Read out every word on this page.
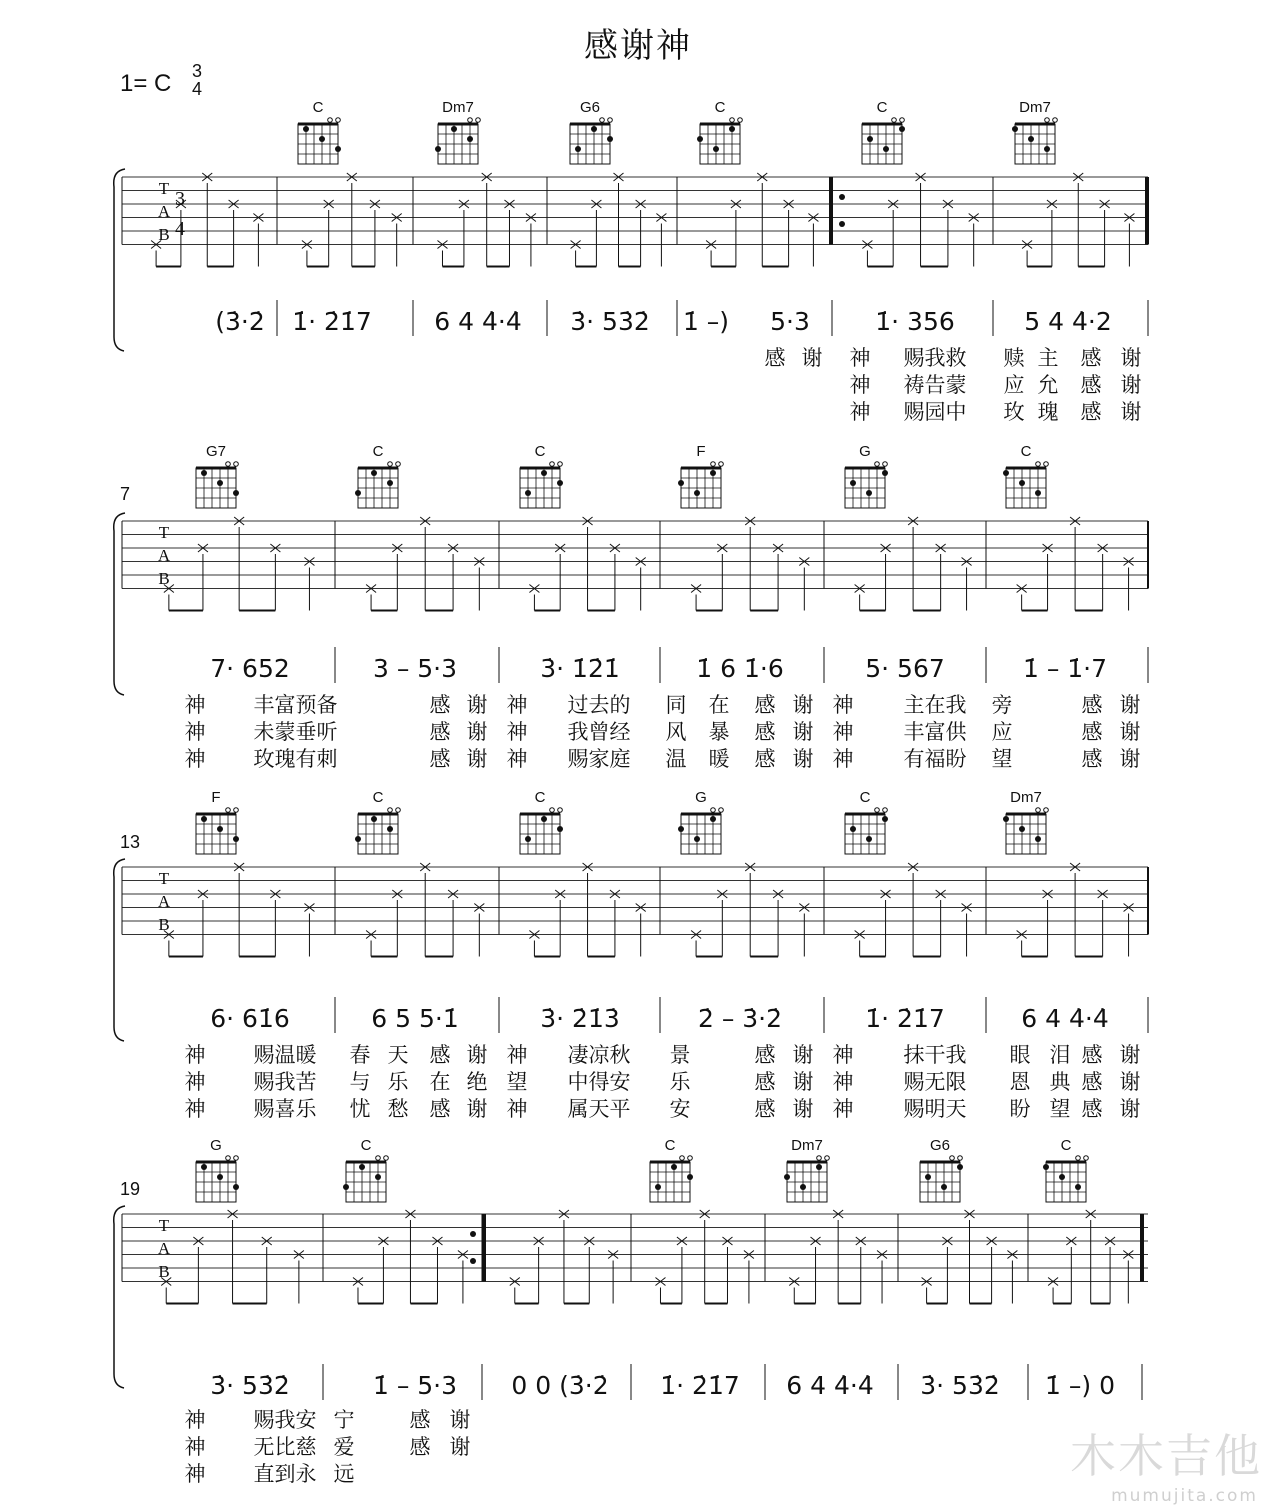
感谢神
1= C 3
4
C	Dm7	G6	C	C	Dm7
T
A
B
3
4
(3̇·2̇ 1̇· 2̇1̇7	6 4 4̇·4̇ 3̇· 53̇2̇ 1̇ –) 5·3	1̇· 356	5 4 4̇·2
感 谢 神 赐我救 赎 主 感 谢
神 祷告蒙 应 允 感 谢
神 赐园中 玫 瑰 感 谢
7
G7	C	C	F	G	C
T
A
B
7· 652	3 – 5·3	3̇· 1̇2̇1̇	1̇ 6 1̇·6	5· 567	1̇ – 1̇·7
神 丰富预 备	感 谢 神 过去的 同 在 感 谢 神 主在我 旁	感 谢
神 未蒙垂 听	感 谢 神 我曾经 风 暴 感 谢 神 丰富供 应	感 谢
神 玫瑰有 刺	感 谢 神 赐家庭 温 暖 感 谢 神 有福盼 望	感 谢
13
F	C	C	G	C	Dm7
T
A
B
6· 61̇6	6 5 5·1̇	3̇· 2̇1̇3̇	2̇ – 3̇·2̇	1̇· 2̇1̇7	6 4 4̇·4̇
神 赐温暖 春 天 感 谢 神 凄凉秋 景	感 谢 神 抹干我 眼 泪 感 谢
神 赐我苦 与 乐 在 绝 望 中得安 乐	感 谢 神 赐无限 恩 典 感 谢
神 赐喜乐 忧 愁 感 谢 神 属天平 安	感 谢 神 赐明天 盼 望 感 谢
19
G	C	C	Dm7	G6	C
T
A
B
3̇· 53̇2̇	1̇ – 5·3 0 0 (3̇·2̇ 1̇· 2̇1̇7 6 4 4̇·4̇ 3̇· 53̇2̇ 1̇ –) 0
神 赐我安 宁	感 谢
神 无比慈 爱	感 谢
神 直到永 远	木木吉他
mumujita.com
